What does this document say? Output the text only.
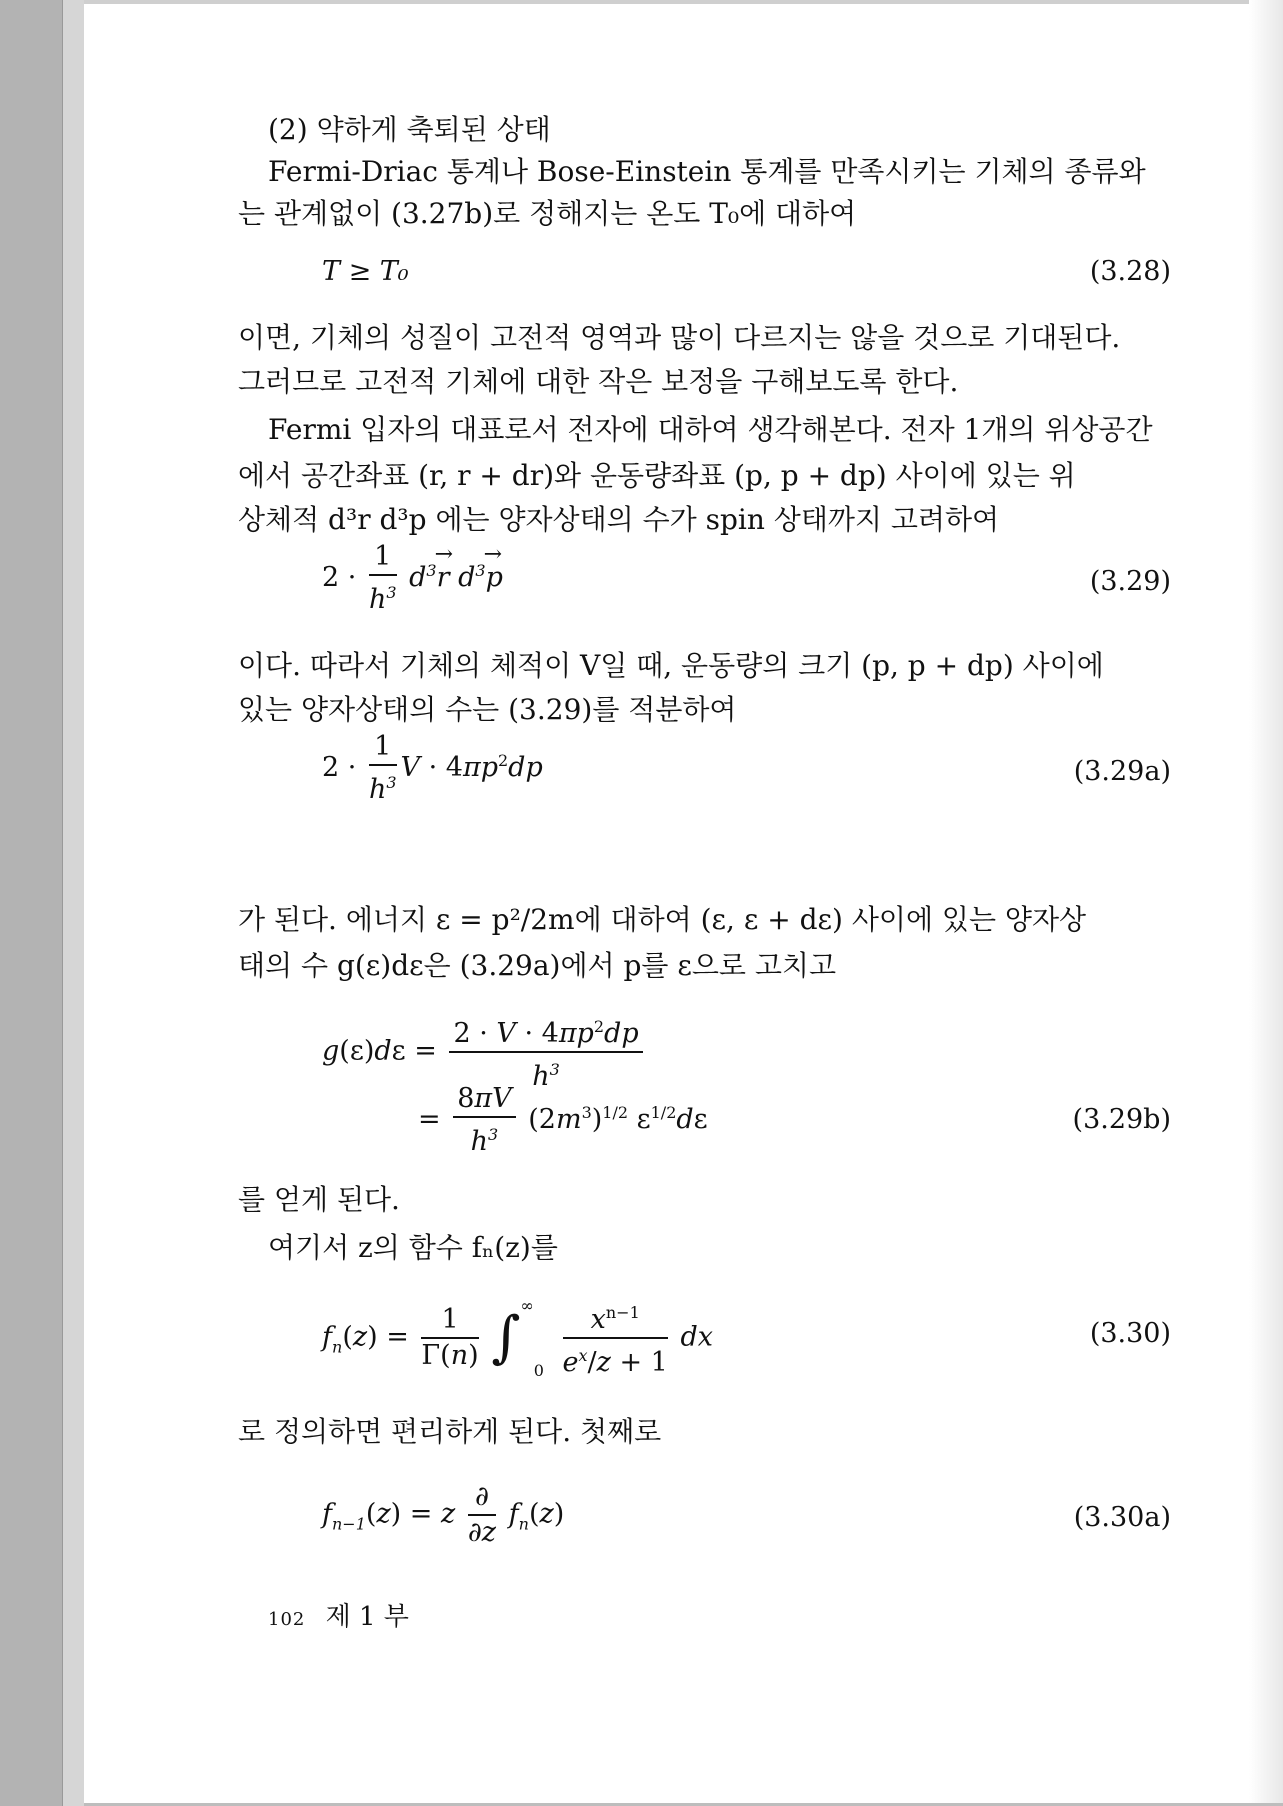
(2) 약하게 축퇴된 상태
Fermi-Driac 통계나 Bose-Einstein 통계를 만족시키는 기체의 종류와
는 관계없이 (3.27b)로 정해지는 온도 T₀에 대하여
T ≥ T₀	(3.28)
이면, 기체의 성질이 고전적 영역과 많이 다르지는 않을 것으로 기대된다.
그러므로 고전적 기체에 대한 작은 보정을 구해보도록 한다.
Fermi 입자의 대표로서 전자에 대하여 생각해본다. 전자 1개의 위상공간
에서 공간좌표 (r, r + dr)와 운동량좌표 (p, p + dp) 사이에 있는 위
상체적 d³r d³p 에는 양자상태의 수가 spin 상태까지 고려하여
$2 \cdot \frac{1}{h^3} d^3\to r$ $d^3\to p$	(3.29)
이다. 따라서 기체의 체적이 V일 때, 운동량의 크기 (p, p + dp) 사이에
있는 양자상태의 수는 (3.29)를 적분하여
$2 \cdot \frac{1}{h^3}$ $V \cdot 4\pi p^2dp$	(3.29a)
가 된다. 에너지 ε = p²/2m에 대하여 (ε, ε + dε) 사이에 있는 양자상
태의 수 g(ε)dε은 (3.29a)에서 p를 ε으로 고치고
$g(\varepsilon)d\varepsilon = \frac{2 \cdot V \cdot 4\pi p^2dp}{h^3}$
= $\frac{8\pi V}{h^3} (2m^3)^{1/2}$ $\varepsilon^{1/2}d\varepsilon$	(3.29b)
를 얻게 된다.
여기서 z의 함수 fₙ(z)를
$f_n(z) = \frac{1}{\Gamma(n)} \int^\infty 0 \frac{x^{n-1}}{e^x/z + 1}$ dx	(3.30)
로 정의하면 편리하게 된다. 첫째로
$f_{n-1}(z) = z \frac{\partial}{\partial z} f_n(z)$	(3.30a)
102 제 1 부
